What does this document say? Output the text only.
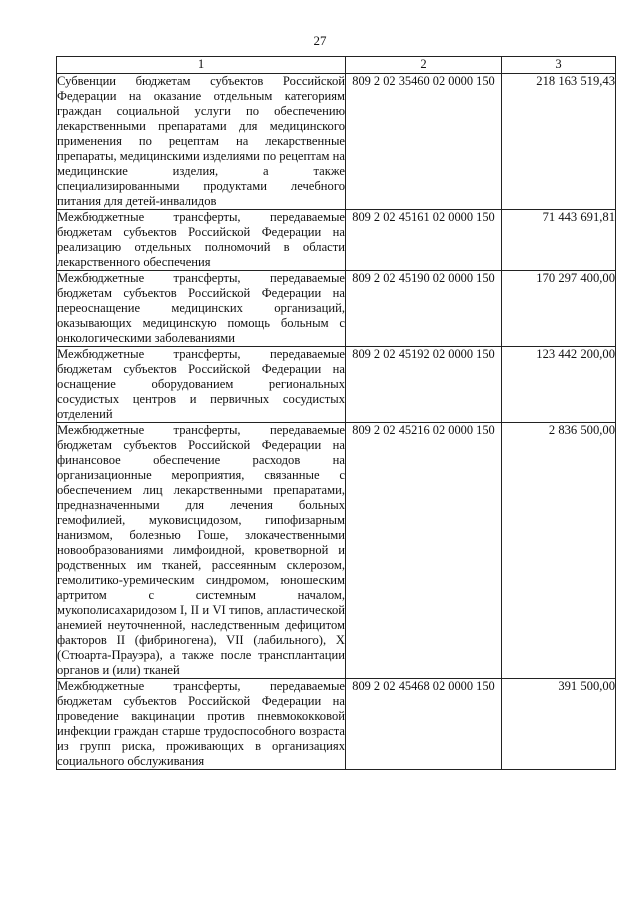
27
1	2	3
Субвенции бюджетам субъектов Российской Федерации на оказание отдельным категориям граждан социальной услуги по обеспечению лекарственными препаратами для медицинского применения по рецептам на лекарственные препараты, медицинскими изделиями по рецептам на медицинские изделия, а также специализированными продуктами лечебного питания для детей-инвалидов	809 2 02 35460 02 0000 150	218 163 519,43
Межбюджетные трансферты, передаваемые бюджетам субъектов Российской Федерации на реализацию отдельных полномочий в области лекарственного обеспечения	809 2 02 45161 02 0000 150	71 443 691,81
Межбюджетные трансферты, передаваемые бюджетам субъектов Российской Федерации на переоснащение медицинских организаций, оказывающих медицинскую помощь больным с онкологическими заболеваниями	809 2 02 45190 02 0000 150	170 297 400,00
Межбюджетные трансферты, передаваемые бюджетам субъектов Российской Федерации на оснащение оборудованием региональных сосудистых центров и первичных сосудистых отделений	809 2 02 45192 02 0000 150	123 442 200,00
Межбюджетные трансферты, передаваемые бюджетам субъектов Российской Федерации на финансовое обеспечение расходов на организационные мероприятия, связанные с обеспечением лиц лекарственными препаратами, предназначенными для лечения больных гемофилией, муковисцидозом, гипофизарным нанизмом, болезнью Гоше, злокачественными новообразованиями лимфоидной, кроветворной и родственных им тканей, рассеянным склерозом, гемолитико-уремическим синдромом, юношеским артритом с системным началом, мукополисахаридозом I, II и VI типов, апластической анемией неуточненной, наследственным дефицитом факторов II (фибриногена), VII (лабильного), X (Стюарта-Прауэра), а также после трансплантации органов и (или) тканей	809 2 02 45216 02 0000 150	2 836 500,00
Межбюджетные трансферты, передаваемые бюджетам субъектов Российской Федерации на проведение вакцинации против пневмококковой инфекции граждан старше трудоспособного возраста из групп риска, проживающих в организациях социального обслуживания	809 2 02 45468 02 0000 150	391 500,00
